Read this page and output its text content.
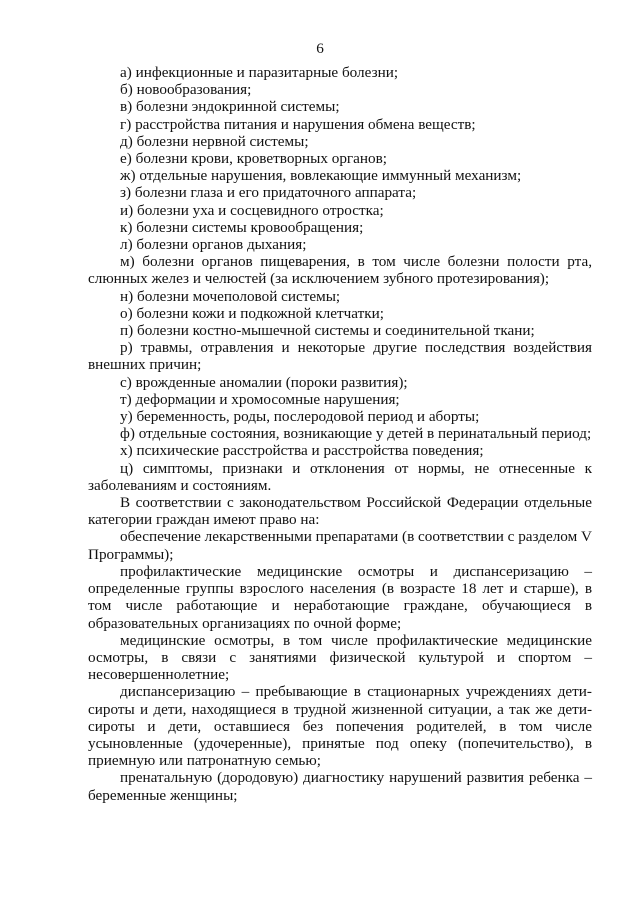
6
а) инфекционные и паразитарные болезни;
б) новообразования;
в) болезни эндокринной системы;
г) расстройства питания и нарушения обмена веществ;
д) болезни нервной системы;
е) болезни крови, кроветворных органов;
ж) отдельные нарушения, вовлекающие иммунный механизм;
з) болезни глаза и его придаточного аппарата;
и) болезни уха и сосцевидного отростка;
к) болезни системы кровообращения;
л) болезни органов дыхания;
м) болезни органов пищеварения, в том числе болезни полости рта, слюнных желез и челюстей (за исключением зубного протезирования);
н) болезни мочеполовой системы;
о) болезни кожи и подкожной клетчатки;
п) болезни костно-мышечной системы и соединительной ткани;
р) травмы, отравления и некоторые другие последствия воздействия внешних причин;
с) врожденные аномалии (пороки развития);
т) деформации и хромосомные нарушения;
у) беременность, роды, послеродовой период и аборты;
ф) отдельные состояния, возникающие у детей в перинатальный период;
х) психические расстройства и расстройства поведения;
ц) симптомы, признаки и отклонения от нормы, не отнесенные к заболеваниям и состояниям.
В соответствии с законодательством Российской Федерации отдельные категории граждан имеют право на:
обеспечение лекарственными препаратами (в соответствии с разделом V Программы);
профилактические медицинские осмотры и диспансеризацию – определенные группы взрослого населения (в возрасте 18 лет и старше), в том числе работающие и неработающие граждане, обучающиеся в образовательных организациях по очной форме;
медицинские осмотры, в том числе профилактические медицинские осмотры, в связи с занятиями физической культурой и спортом – несовершеннолетние;
диспансеризацию – пребывающие в стационарных учреждениях дети-сироты и дети, находящиеся в трудной жизненной ситуации, а так же дети-сироты и дети, оставшиеся без попечения родителей, в том числе усыновленные (удочеренные), принятые под опеку (попечительство), в приемную или патронатную семью;
пренатальную (дородовую) диагностику нарушений развития ребенка – беременные женщины;
